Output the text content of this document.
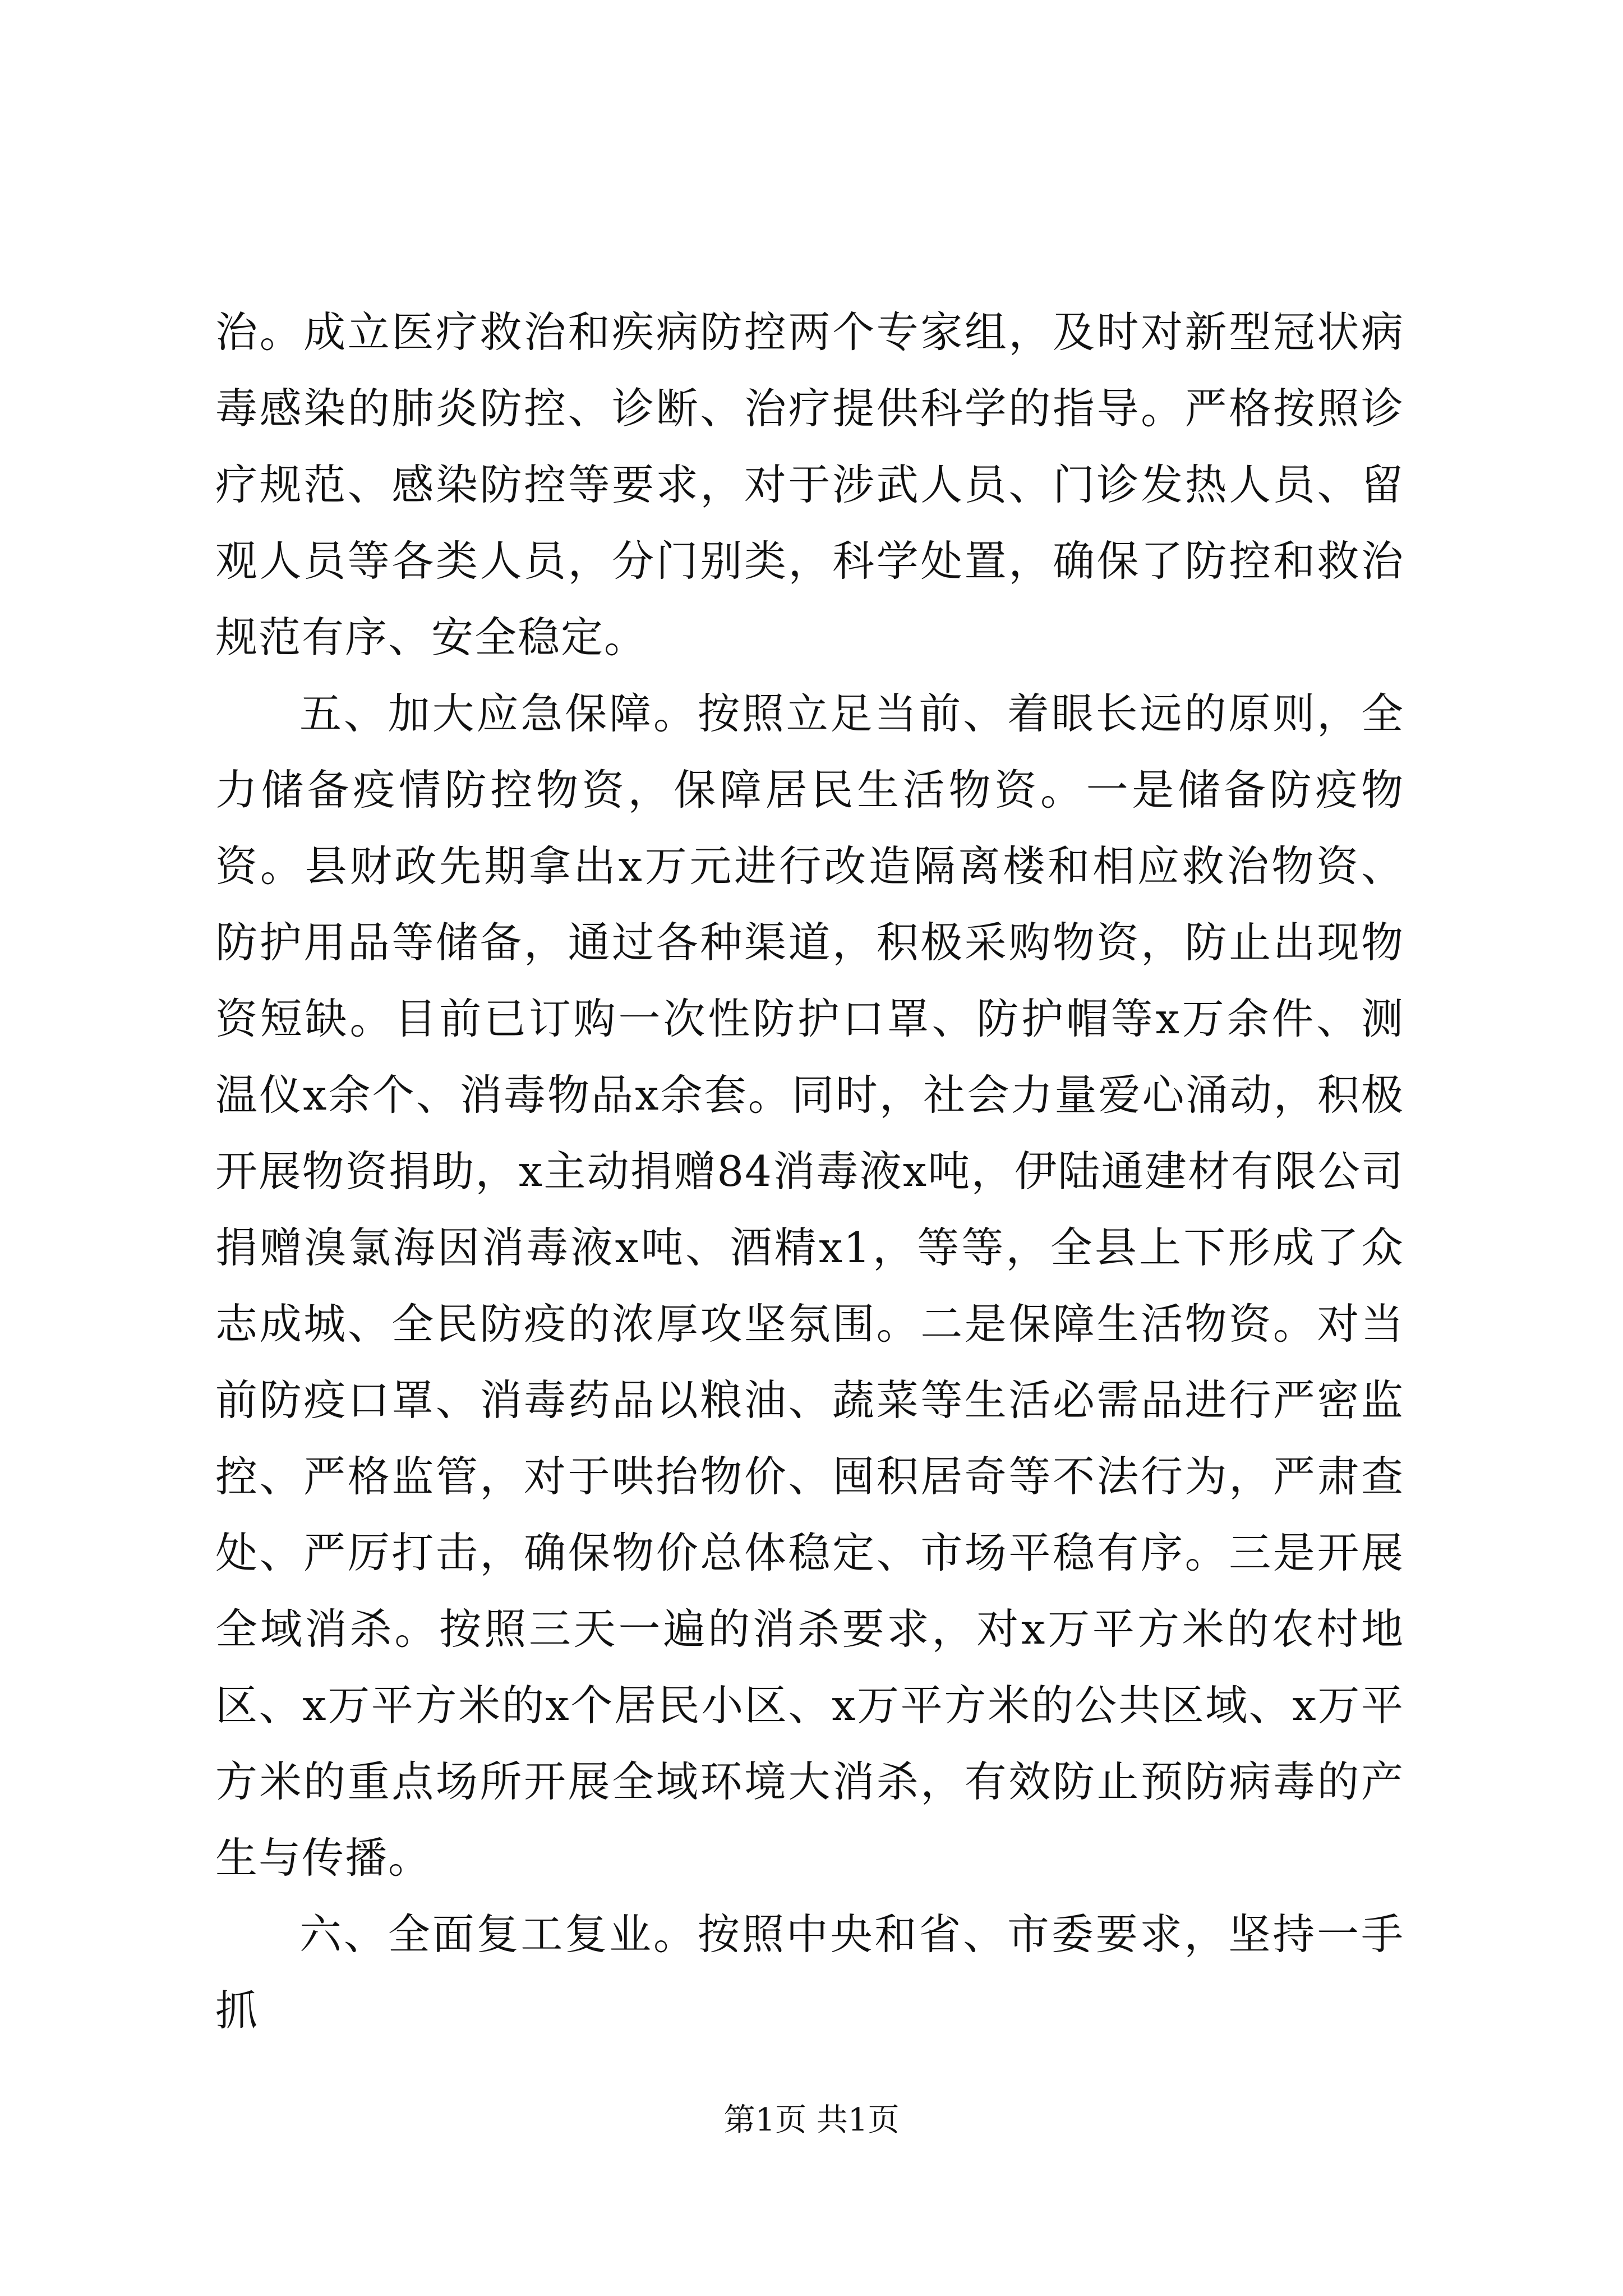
治。成立医疗救治和疾病防控两个专家组，及时对新型冠状病毒感染的肺炎防控、诊断、治疗提供科学的指导。严格按照诊疗规范、感染防控等要求，对于涉武人员、门诊发热人员、留观人员等各类人员，分门别类，科学处置，确保了防控和救治规范有序、安全稳定。

五、加大应急保障。按照立足当前、着眼长远的原则，全力储备疫情防控物资，保障居民生活物资。一是储备防疫物资。县财政先期拿出x万元进行改造隔离楼和相应救治物资、防护用品等储备，通过各种渠道，积极采购物资，防止出现物资短缺。目前已订购一次性防护口罩、防护帽等x万余件、测温仪x余个、消毒物品x余套。同时，社会力量爱心涌动，积极开展物资捐助，x主动捐赠84消毒液x吨，伊陆通建材有限公司捐赠溴氯海因消毒液x吨、酒精x1，等等，全县上下形成了众志成城、全民防疫的浓厚攻坚氛围。二是保障生活物资。对当前防疫口罩、消毒药品以粮油、蔬菜等生活必需品进行严密监控、严格监管，对于哄抬物价、囤积居奇等不法行为，严肃查处、严厉打击，确保物价总体稳定、市场平稳有序。三是开展全域消杀。按照三天一遍的消杀要求，对x万平方米的农村地区、x万平方米的x个居民小区、x万平方米的公共区域、x万平方米的重点场所开展全域环境大消杀，有效防止预防病毒的产生与传播。

六、全面复工复业。按照中央和省、市委要求，坚持一手抓

第1页 共1页
